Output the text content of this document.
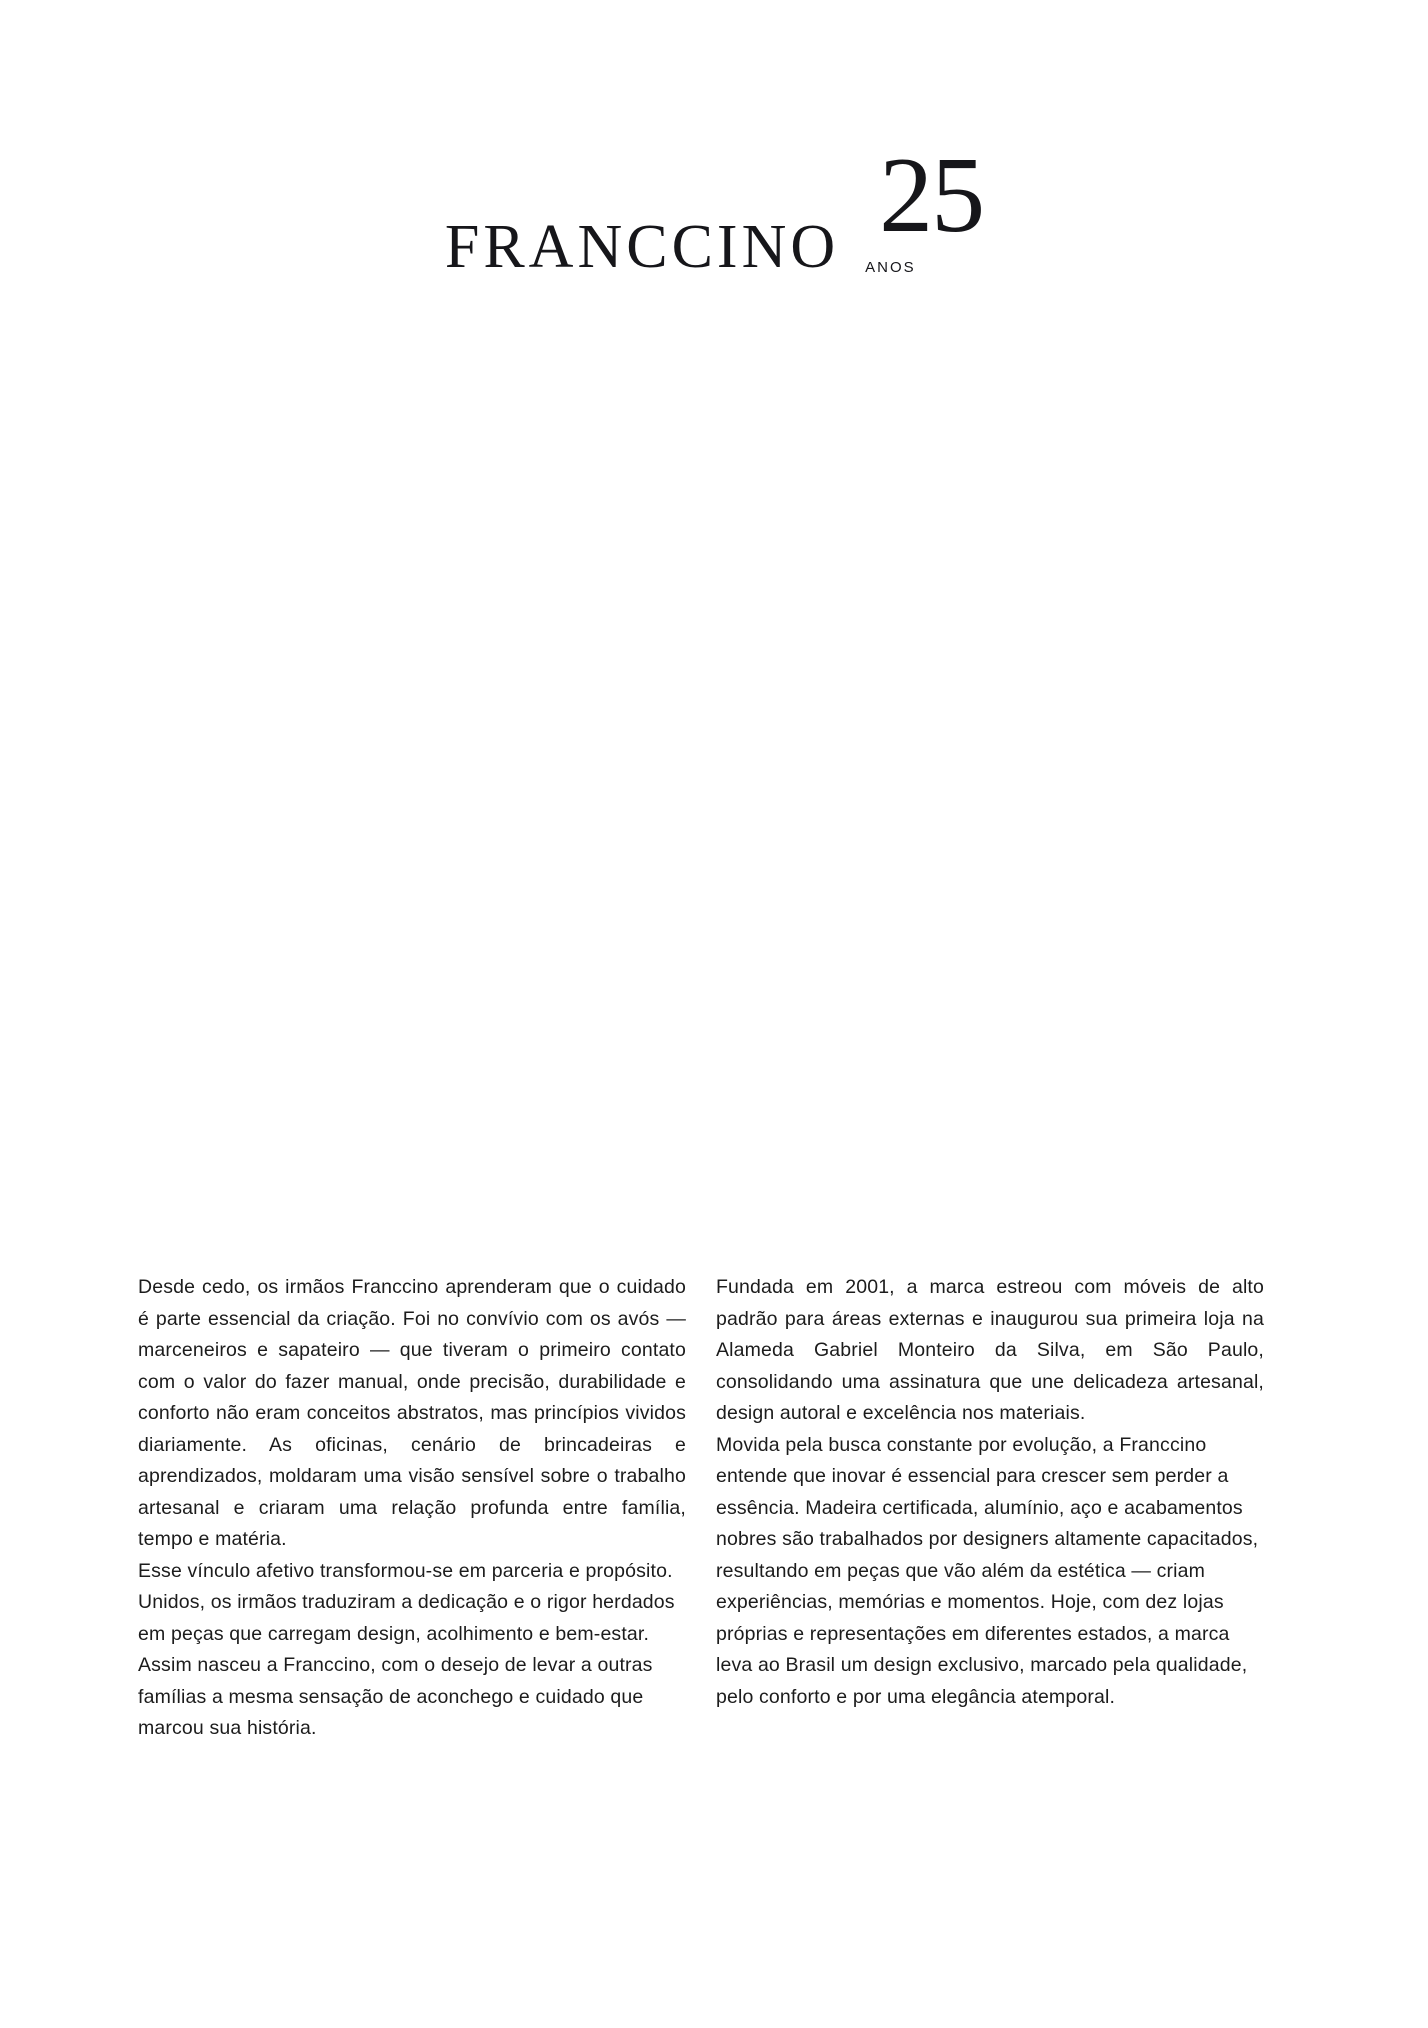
FRANCCINO 25
ANOS

Desde cedo, os irmãos Franccino aprenderam que o cuidado é parte essencial da criação. Foi no convívio com os avós — marceneiros e sapateiro — que tiveram o primeiro contato com o valor do fazer manual, onde precisão, durabilidade e conforto não eram conceitos abstratos, mas princípios vividos diariamente. As oficinas, cenário de brincadeiras e aprendizados, moldaram uma visão sensível sobre o trabalho artesanal e criaram uma relação profunda entre família, tempo e matéria.

Esse vínculo afetivo transformou-se em parceria e propósito. Unidos, os irmãos traduziram a dedicação e o rigor herdados em peças que carregam design, acolhimento e bem-estar. Assim nasceu a Franccino, com o desejo de levar a outras famílias a mesma sensação de aconchego e cuidado que marcou sua história.

Fundada em 2001, a marca estreou com móveis de alto padrão para áreas externas e inaugurou sua primeira loja na Alameda Gabriel Monteiro da Silva, em São Paulo, consolidando uma assinatura que une delicadeza artesanal, design autoral e excelência nos materiais.

Movida pela busca constante por evolução, a Franccino entende que inovar é essencial para crescer sem perder a essência. Madeira certificada, alumínio, aço e acabamentos nobres são trabalhados por designers altamente capacitados, resultando em peças que vão além da estética — criam experiências, memórias e momentos. Hoje, com dez lojas próprias e representações em diferentes estados, a marca leva ao Brasil um design exclusivo, marcado pela qualidade, pelo conforto e por uma elegância atemporal.
